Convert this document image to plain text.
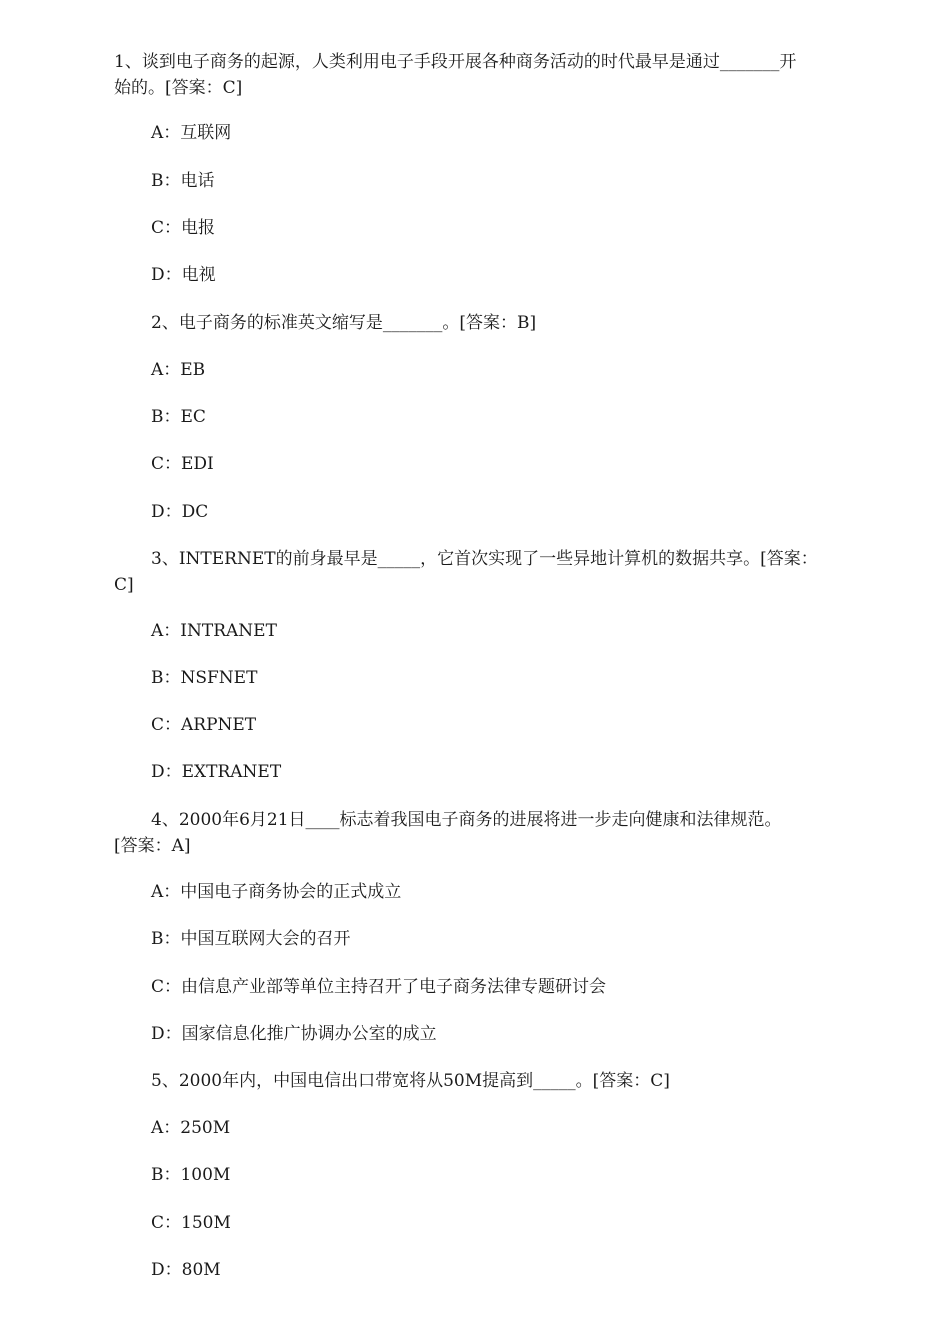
1、谈到电子商务的起源，人类利用电子手段开展各种商务活动的时代最早是通过_______开
始的。[答案：C]
A：互联网
B：电话
C：电报
D：电视
2、电子商务的标准英文缩写是_______。[答案：B]
A：EB
B：EC
C：EDI
D：DC
3、INTERNET的前身最早是_____，它首次实现了一些异地计算机的数据共享。[答案：
C]
A：INTRANET
B：NSFNET
C：ARPNET
D：EXTRANET
4、2000年6月21日____标志着我国电子商务的进展将进一步走向健康和法律规范。
[答案：A]
A：中国电子商务协会的正式成立
B：中国互联网大会的召开
C：由信息产业部等单位主持召开了电子商务法律专题研讨会
D：国家信息化推广协调办公室的成立
5、2000年内，中国电信出口带宽将从50M提高到_____。[答案：C]
A：250M
B：100M
C：150M
D：80M
